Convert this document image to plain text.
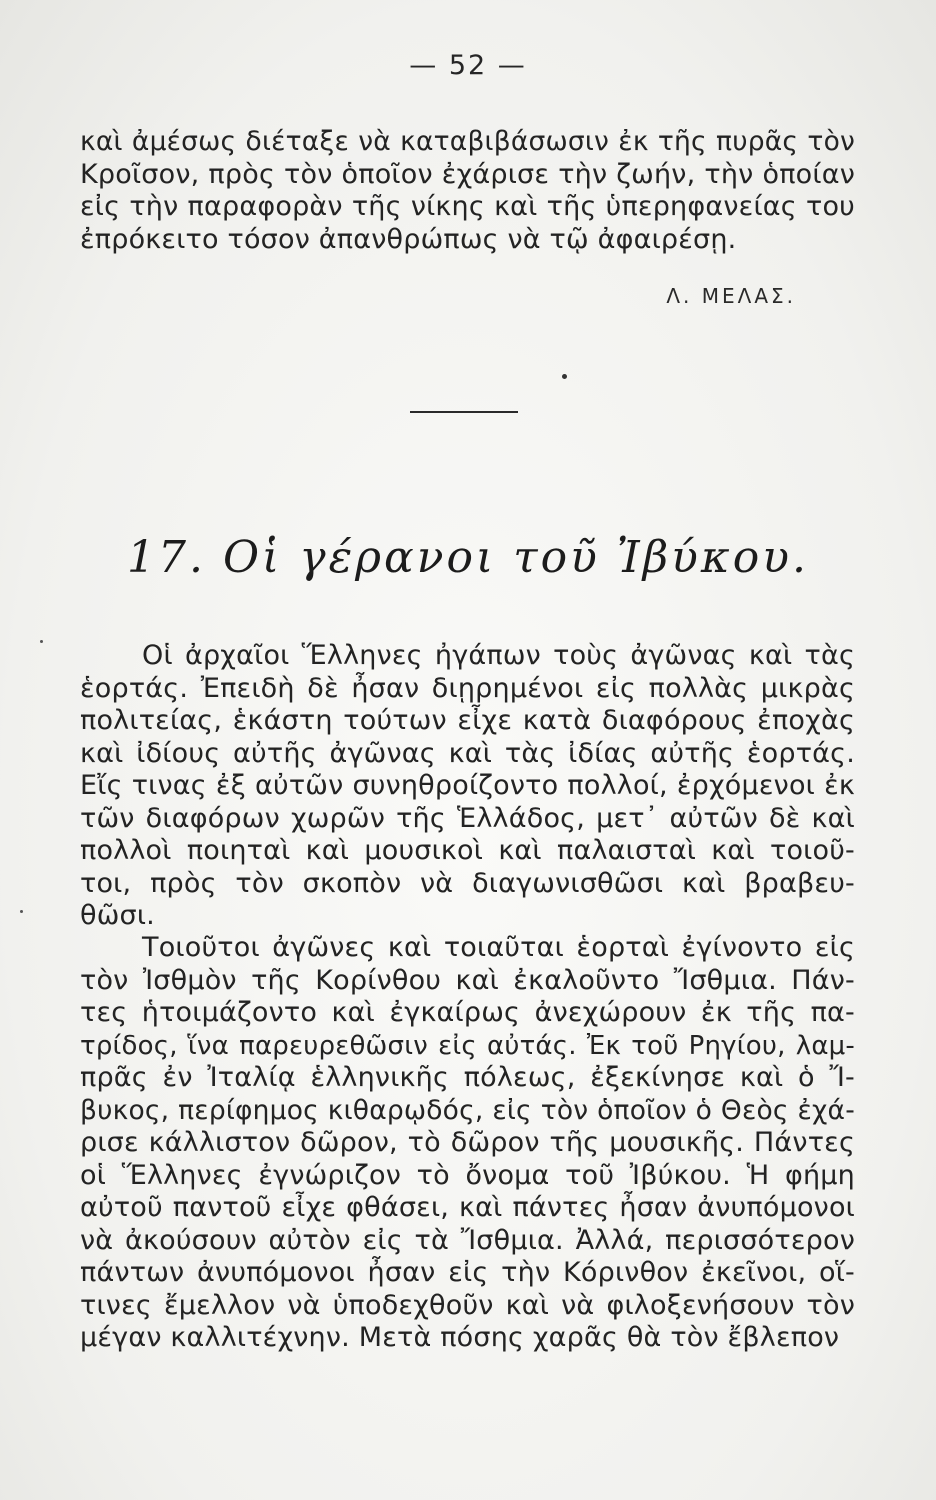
— 52 —
καὶ ἀμέσως διέταξε νὰ καταβιβάσωσιν ἐκ τῆς πυρᾶς τὸν
Κροῖσον, πρὸς τὸν ὁποῖον ἐχάρισε τὴν ζωήν, τὴν ὁποίαν
εἰς τὴν παραφορὰν τῆς νίκης καὶ τῆς ὑπερηφανείας του
ἐπρόκειτο τόσον ἀπανθρώπως νὰ τῷ ἀφαιρέσῃ.
Λ. ΜΕΛΑΣ.
17. Οἱ γέρανοι τοῦ Ἰβύκου.
Οἱ ἀρχαῖοι Ἕλληνες ἠγάπων τοὺς ἀγῶνας καὶ τὰς
ἑορτάς. Ἐπειδὴ δὲ ἦσαν διῃρημένοι εἰς πολλὰς μικρὰς
πολιτείας, ἑκάστη τούτων εἶχε κατὰ διαφόρους ἐποχὰς
καὶ ἰδίους αὐτῆς ἀγῶνας καὶ τὰς ἰδίας αὐτῆς ἑορτάς.
Εἴς τινας ἐξ αὐτῶν συνηθροίζοντο πολλοί, ἐρχόμενοι ἐκ
τῶν διαφόρων χωρῶν τῆς Ἑλλάδος, μετ᾽ αὐτῶν δὲ καὶ
πολλοὶ ποιηταὶ καὶ μουσικοὶ καὶ παλαισταὶ καὶ τοιοῦ-
τοι, πρὸς τὸν σκοπὸν νὰ διαγωνισθῶσι καὶ βραβευ-
θῶσι.
Τοιοῦτοι ἀγῶνες καὶ τοιαῦται ἑορταὶ ἐγίνοντο εἰς
τὸν Ἰσθμὸν τῆς Κορίνθου καὶ ἐκαλοῦντο Ἴσθμια. Πάν-
τες ἡτοιμάζοντο καὶ ἐγκαίρως ἀνεχώρουν ἐκ τῆς πα-
τρίδος, ἵνα παρευρεθῶσιν εἰς αὐτάς. Ἐκ τοῦ Ρηγίου, λαμ-
πρᾶς ἐν Ἰταλίᾳ ἑλληνικῆς πόλεως, ἐξεκίνησε καὶ ὁ Ἴ-
βυκος, περίφημος κιθαρῳδός, εἰς τὸν ὁποῖον ὁ Θεὸς ἐχά-
ρισε κάλλιστον δῶρον, τὸ δῶρον τῆς μουσικῆς. Πάντες
οἱ Ἕλληνες ἐγνώριζον τὸ ὄνομα τοῦ Ἰβύκου. Ἡ φήμη
αὐτοῦ παντοῦ εἶχε φθάσει, καὶ πάντες ἦσαν ἀνυπόμονοι
νὰ ἀκούσουν αὐτὸν εἰς τὰ Ἴσθμια. Ἀλλά, περισσότερον
πάντων ἀνυπόμονοι ἦσαν εἰς τὴν Κόρινθον ἐκεῖνοι, οἵ-
τινες ἔμελλον νὰ ὑποδεχθοῦν καὶ νὰ φιλοξενήσουν τὸν
μέγαν καλλιτέχνην. Μετὰ πόσης χαρᾶς θὰ τὸν ἔβλεπον
